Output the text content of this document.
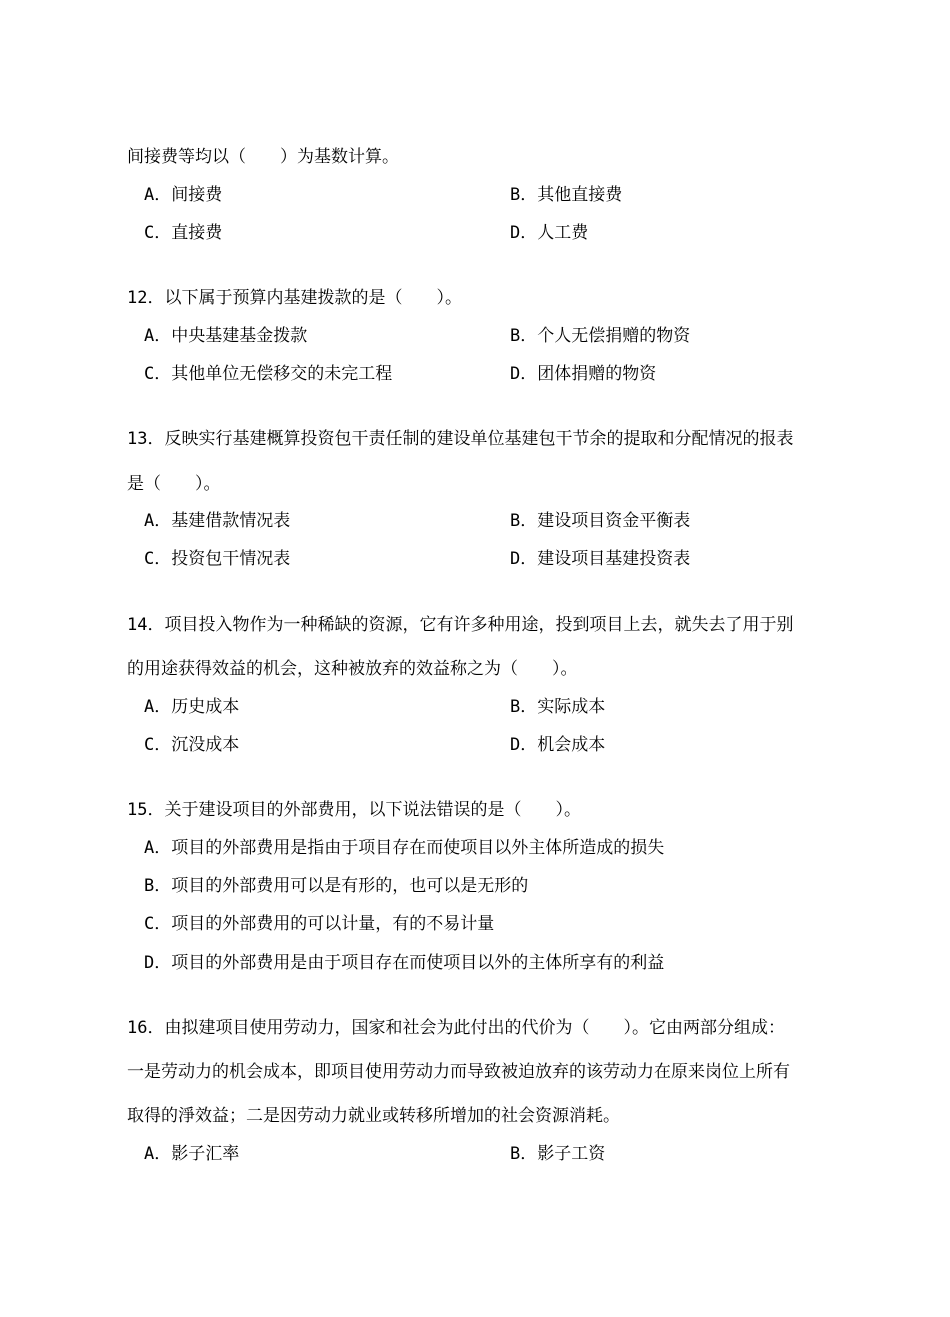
间接费等均以（　　）为基数计算。
A．间接费	B．其他直接费
C．直接费	D．人工费
12．以下属于预算内基建拨款的是（　　）。
A．中央基建基金拨款	B．个人无偿捐赠的物资
C．其他单位无偿移交的未完工程	D．团体捐赠的物资
13．反映实行基建概算投资包干责任制的建设单位基建包干节余的提取和分配情况的报表
是（　　）。
A．基建借款情况表	B．建设项目资金平衡表
C．投资包干情况表	D．建设项目基建投资表
14．项目投入物作为一种稀缺的资源，它有许多种用途，投到项目上去，就失去了用于别
的用途获得效益的机会，这种被放弃的效益称之为（　　）。
A．历史成本	B．实际成本
C．沉没成本	D．机会成本
15．关于建设项目的外部费用，以下说法错误的是（　　）。
A．项目的外部费用是指由于项目存在而使项目以外主体所造成的损失
B．项目的外部费用可以是有形的，也可以是无形的
C．项目的外部费用的可以计量，有的不易计量
D．项目的外部费用是由于项目存在而使项目以外的主体所享有的利益
16．由拟建项目使用劳动力，国家和社会为此付出的代价为（　　）。它由两部分组成：
一是劳动力的机会成本，即项目使用劳动力而导致被迫放弃的该劳动力在原来岗位上所有
取得的淨效益；二是因劳动力就业或转移所增加的社会资源消耗。
A．影子汇率	B．影子工资
